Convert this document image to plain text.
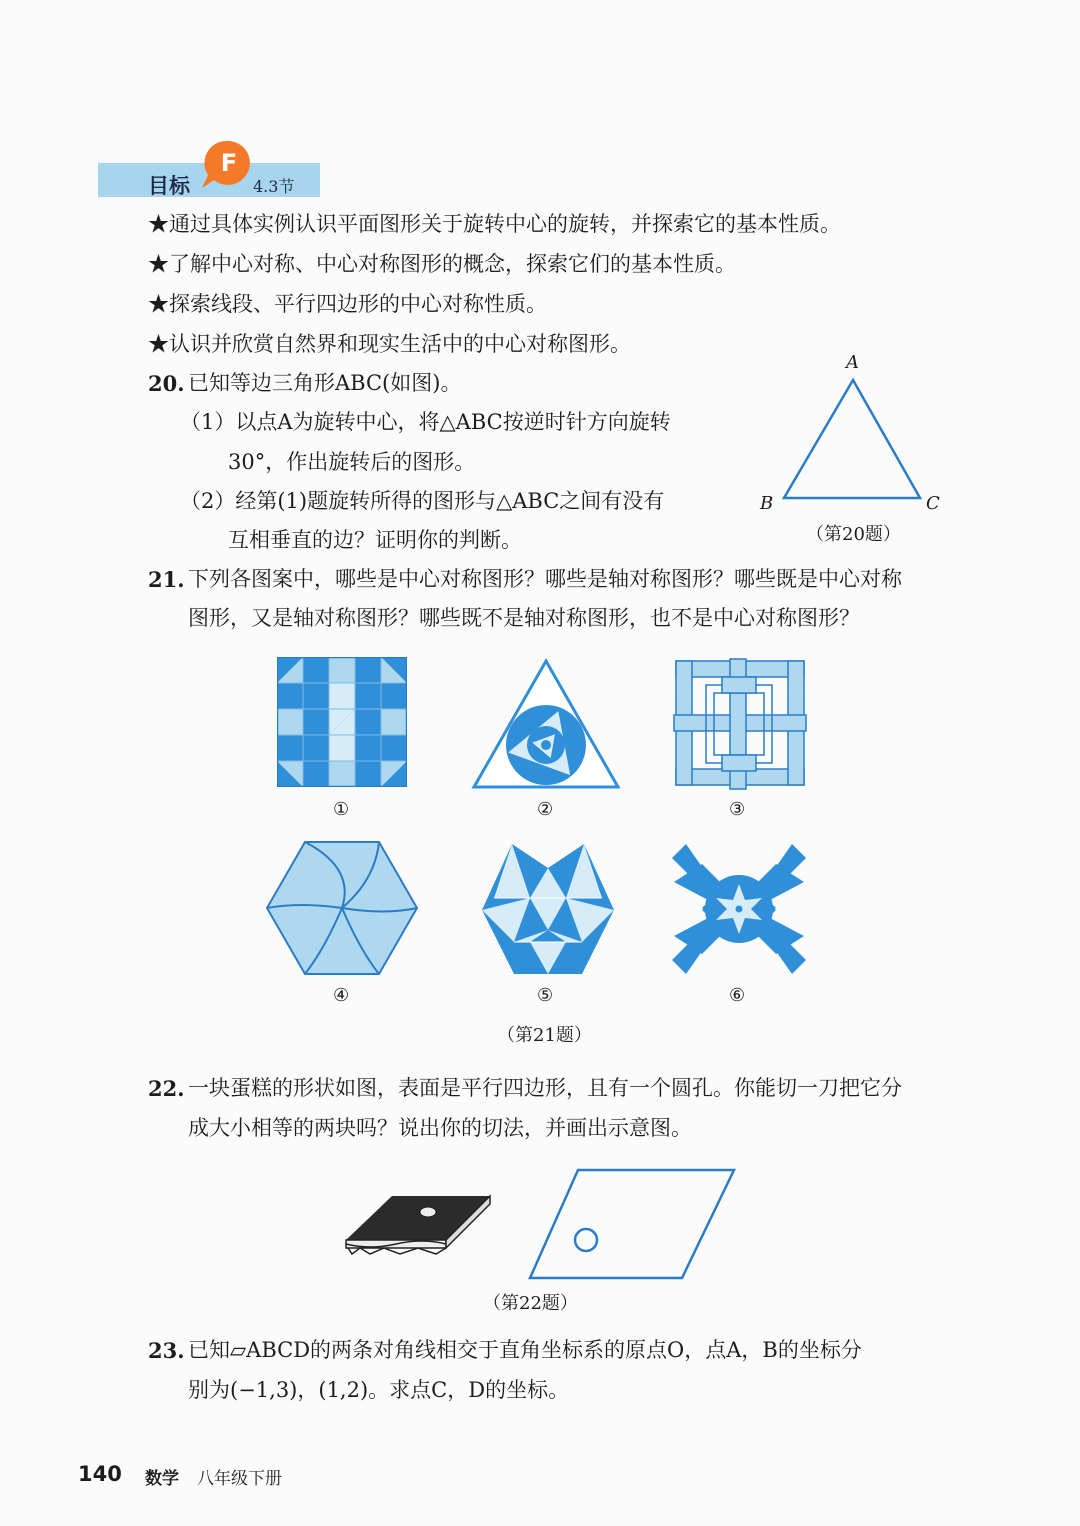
目标
F
4.3节
★通过具体实例认识平面图形关于旋转中心的旋转，并探索它的基本性质。
★了解中心对称、中心对称图形的概念，探索它们的基本性质。
★探索线段、平行四边形的中心对称性质。
★认识并欣赏自然界和现实生活中的中心对称图形。
20. 已知等边三角形ABC(如图)。
（1）以点A为旋转中心，将△ABC按逆时针方向旋转
30°，作出旋转后的图形。
（2）经第(1)题旋转所得的图形与△ABC之间有没有
互相垂直的边？证明你的判断。
A
B	C
（第20题）
21. 下列各图案中，哪些是中心对称图形？哪些是轴对称图形？哪些既是中心对称
图形，又是轴对称图形？哪些既不是轴对称图形，也不是中心对称图形？
①	②	③
④	⑤	⑥
（第21题）
22. 一块蛋糕的形状如图，表面是平行四边形，且有一个圆孔。你能切一刀把它分
成大小相等的两块吗？说出你的切法，并画出示意图。
（第22题）
23. 已知▱ABCD的两条对角线相交于直角坐标系的原点O，点A，B的坐标分
别为(−1,3)，(1,2)。求点C，D的坐标。
140 数学 八年级下册
